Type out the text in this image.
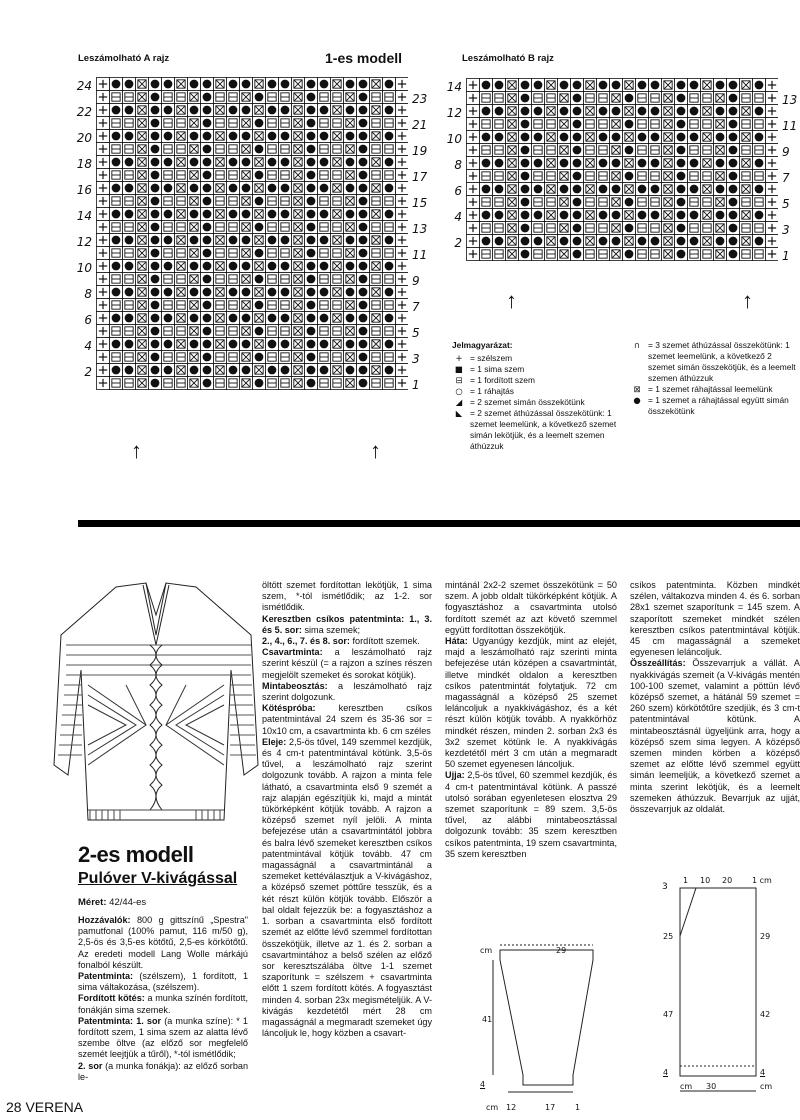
Leszámolható A rajz	1-es modell	Leszámolható B rajz
24
22
20
18
16
14
12
10
8
6
4
2
23
21
19
17
15
13
11
9
7
5
3
1
↑	↑
14
12
10
8
6
4
2
13
11
9
7
5
3
1
↑	↑
Jelmagyarázat:
+ = szélszem
■ = 1 sima szem
⊟ = 1 fordított szem
○ = 1 ráhajtás
◢ = 2 szemet simán összekötünk
◣ = 2 szemet áthúzással összekötünk: 1 szemet leemelünk, a következő szemet simán lekötjük, és a leemelt szemen áthúzzuk
∩ = 3 szemet áthúzással összekötünk: 1 szemet leemelünk, a következő 2 szemet simán összekötjük, és a leemelt szemen áthúzzuk
⊠ = 1 szemet ráhajtással leemelünk
● = 1 szemet a ráhajtással együtt simán összekötünk
2-es modell
Pulóver V-kivágással
Méret: 42/44-es

Hozzávalók: 800 g gittszínű „Spestra" pamutfonal (100% pamut, 116 m/50 g), 2,5-ös és 3,5-es kötőtű, 2,5-es körkötőtű. Az eredeti modell Lang Wolle márkájú fonalból készült.

Patentminta: (szélszem), 1 fordított, 1 sima váltakozása, (szélszem).

Fordított kötés: a munka színén fordított, fonákján sima szemek.

Patentminta: 1. sor (a munka színe): * 1 fordított szem, 1 sima szem az alatta lévő szembe öltve (az előző sor megfelelő szemét leejtjük a tűről), *-tól ismétlődik;

2. sor (a munka fonákja): az előző sorban le-

öltött szemet fordítottan lekötjük, 1 sima szem, *-tól ismétlődik; az 1-2. sor ismétlődik.

Keresztben csíkos patentminta: 1., 3. és 5. sor: sima szemek;

2., 4., 6., 7. és 8. sor: fordított szemek.

Csavartminta: a leszámolható rajz szerint készül (= a rajzon a színes részen megjelölt szemeket és sorokat kötjük).

Mintabeosztás: a leszámolható rajz szerint dolgozunk.

Kötéspróba: keresztben csíkos patentmintával 24 szem és 35-36 sor = 10x10 cm, a csavartminta kb. 6 cm széles

Eleje: 2,5-ös tűvel, 149 szemmel kezdjük, és 4 cm-t patentmintával kötünk. 3,5-ös tűvel, a leszámolható rajz szerint dolgozunk tovább. A rajzon a minta fele látható, a csavartminta első 9 szemét a rajz alapján egészítjük ki, majd a mintát tükörképként kötjük tovább. A rajzon a középső szemet nyíl jelöli. A minta befejezése után a csavartmintától jobbra és balra lévő szemeket keresztben csíkos patentmintával kötjük tovább. 47 cm magasságnál a csavartmintánál a szemeket kettéválasztjuk a V-kivágáshoz, a középső szemet póttűre tesszük, és a két részt külön kötjük tovább. Először a bal oldalt fejezzük be: a fogyasztáshoz a 1. sorban a csavartminta első fordított szemét az előtte lévő szemmel fordítottan összekötjük, illetve az 1. és 2. sorban a csavartmintához a belső szélen az előző sor keresztszálába öltve 1-1 szemet szaporítunk = szélszem + csavartminta előtt 1 szem fordított kötés. A fogyasztást minden 4. sorban 23x megismételjük. A V-kivágás kezdetétől mért 28 cm magasságnál a megmaradt szemeket úgy láncoljuk le, hogy közben a csavart-

mintánál 2x2-2 szemet összekötünk = 50 szem. A jobb oldalt tükörképként kötjük. A fogyasztáshoz a csavartminta utolsó fordított szemét az azt követő szemmel együtt fordítottan összekötjük.

Háta: Ugyanúgy kezdjük, mint az elejét, majd a leszámolható rajz szerinti minta befejezése után középen a csavartmintát, illetve mindkét oldalon a keresztben csíkos patentmintát folytatjuk. 72 cm magasságnál a középső 25 szemet leláncoljuk a nyakkivágáshoz, és a két részt külön kötjük tovább. A nyakkörhöz mindkét részen, minden 2. sorban 2x3 és 3x2 szemet kötünk le. A nyakkivágás kezdetétől mért 3 cm után a megmaradt 50 szemet egyenesen láncoljuk.

Ujja: 2,5-ös tűvel, 60 szemmel kezdjük, és 4 cm-t patentmintával kötünk. A passzé utolsó sorában egyenletesen elosztva 29 szemet szaporítunk = 89 szem. 3,5-ös tűvel, az alábbi mintabeosztással dolgozunk tovább: 35 szem keresztben csíkos patentminta, 19 szem csavartminta, 35 szem keresztben

csíkos patentminta. Közben mindkét szélen, váltakozva minden 4. és 6. sorban 28x1 szemet szaporítunk = 145 szem. A szaporított szemeket mindkét szélen keresztben csíkos patentmintával kötjük. 45 cm magasságnál a szemeket egyenesen leláncoljuk.

Összeállítás: Összevarrjuk a vállát. A nyakkivágás szemeit (a V-kivágás mentén 100-100 szemet, valamint a pöttün lévő középső szemet, a hátánál 59 szemet = 260 szem) körkötőtűre szedjük, és 3 cm-t patentmintával kötünk. A mintabeosztásnál ügyeljünk arra, hogy a középső szem sima legyen. A középső szemen minden körben a középső szemet az előtte lévő szemmel együtt simán leemeljük, a következő szemet a minta szerint lekötjük, és a leemelt szemeken áthúzzuk. Bevarrjuk az ujját, összevarrjuk az oldalát.

cm	29
41
4
cm 12	17 1
3
1 10 20 1 cm
25
47
29
42
4	4
cm 30	cm
28 VERENA
